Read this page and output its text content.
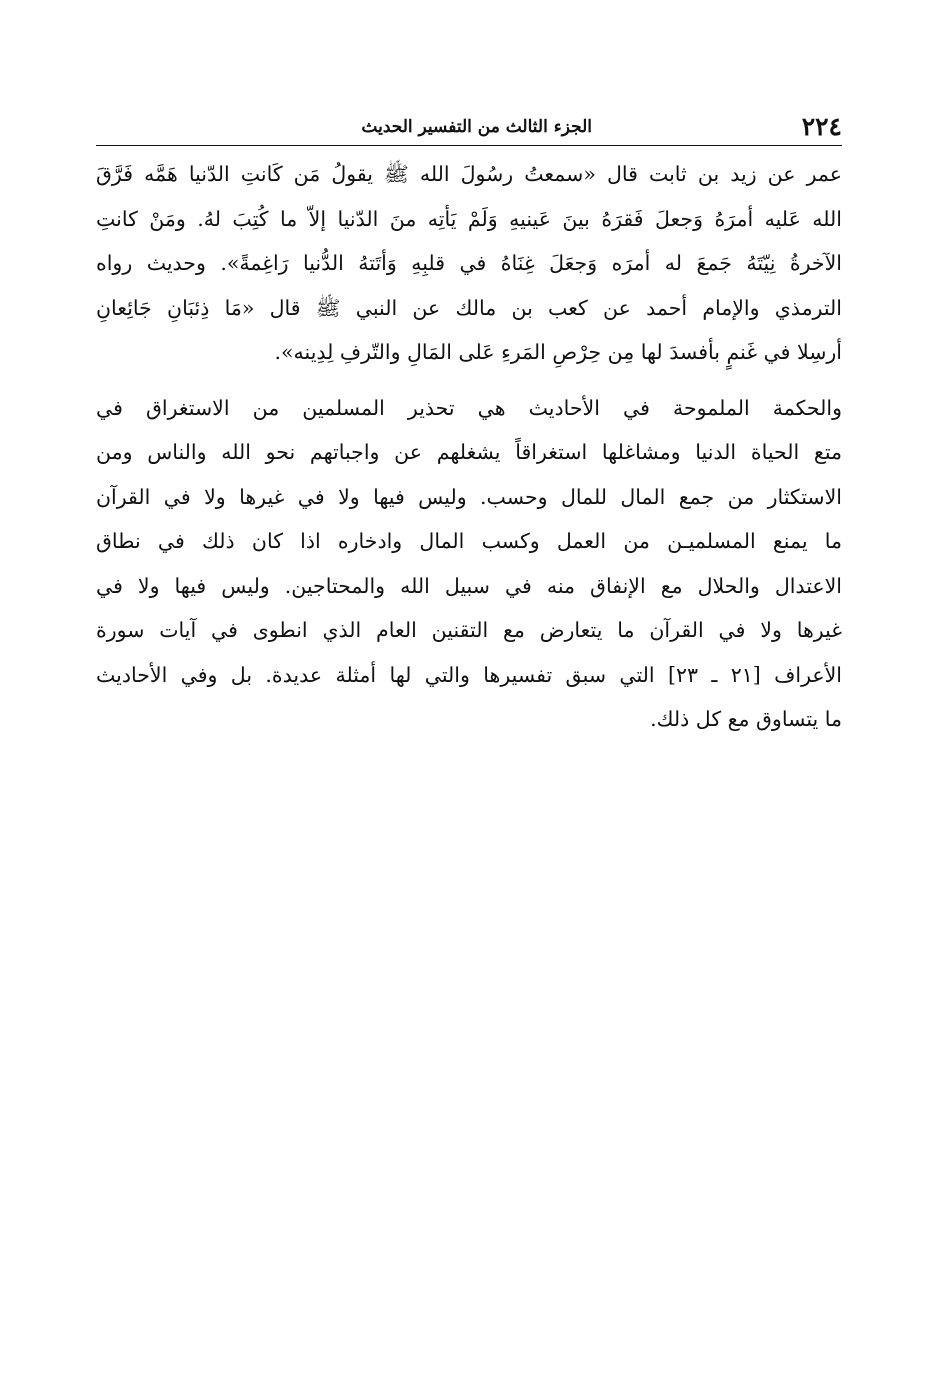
٢٢٤
الجزء الثالث من التفسير الحديث
عمر عن زيد بن ثابت قال «سمعتُ رسُولَ الله ﷺ يقولُ مَن كَانتِ الدّنيا هَمَّه فَرَّقَ
الله عَليه أمرَهُ وَجعلَ فَقرَهُ بينَ عَينيهِ وَلَمْ يَأتِه منَ الدّنيا إلاّ ما كُتِبَ لهُ. ومَنْ كانتِ
الآخرةُ نِيّتَهُ جَمعَ له أمرَه وَجعَلَ غِنَاهُ في قلبِهِ وَأتَتهُ الدُّنيا رَاغِمةً». وحديث رواه
الترمذي والإمام أحمد عن كعب بن مالك عن النبي ﷺ قال «مَا ذِئبَانِ جَائِعانِ
أرسِلا في غَنمٍ بأفسدَ لها مِن حِرْصِ المَرءِ عَلى المَالِ والتّرفِ لِدِينه».
والحكمة الملموحة في الأحاديث هي تحذير المسلمين من الاستغراق في
متع الحياة الدنيا ومشاغلها استغراقاً يشغلهم عن واجباتهم نحو الله والناس ومن
الاستكثار من جمع المال للمال وحسب. وليس فيها ولا في غيرها ولا في القرآن
ما يمنع المسلميـن من العمل وكسب المال وادخاره اذا كان ذلك في نطاق
الاعتدال والحلال مع الإنفاق منه في سبيل الله والمحتاجين. وليس فيها ولا في
غيرها ولا في القرآن ما يتعارض مع التقنين العام الذي انطوى في آيات سورة
الأعراف [٢١ ـ ٢٣] التي سبق تفسيرها والتي لها أمثلة عديدة. بل وفي الأحاديث
ما يتساوق مع كل ذلك.
